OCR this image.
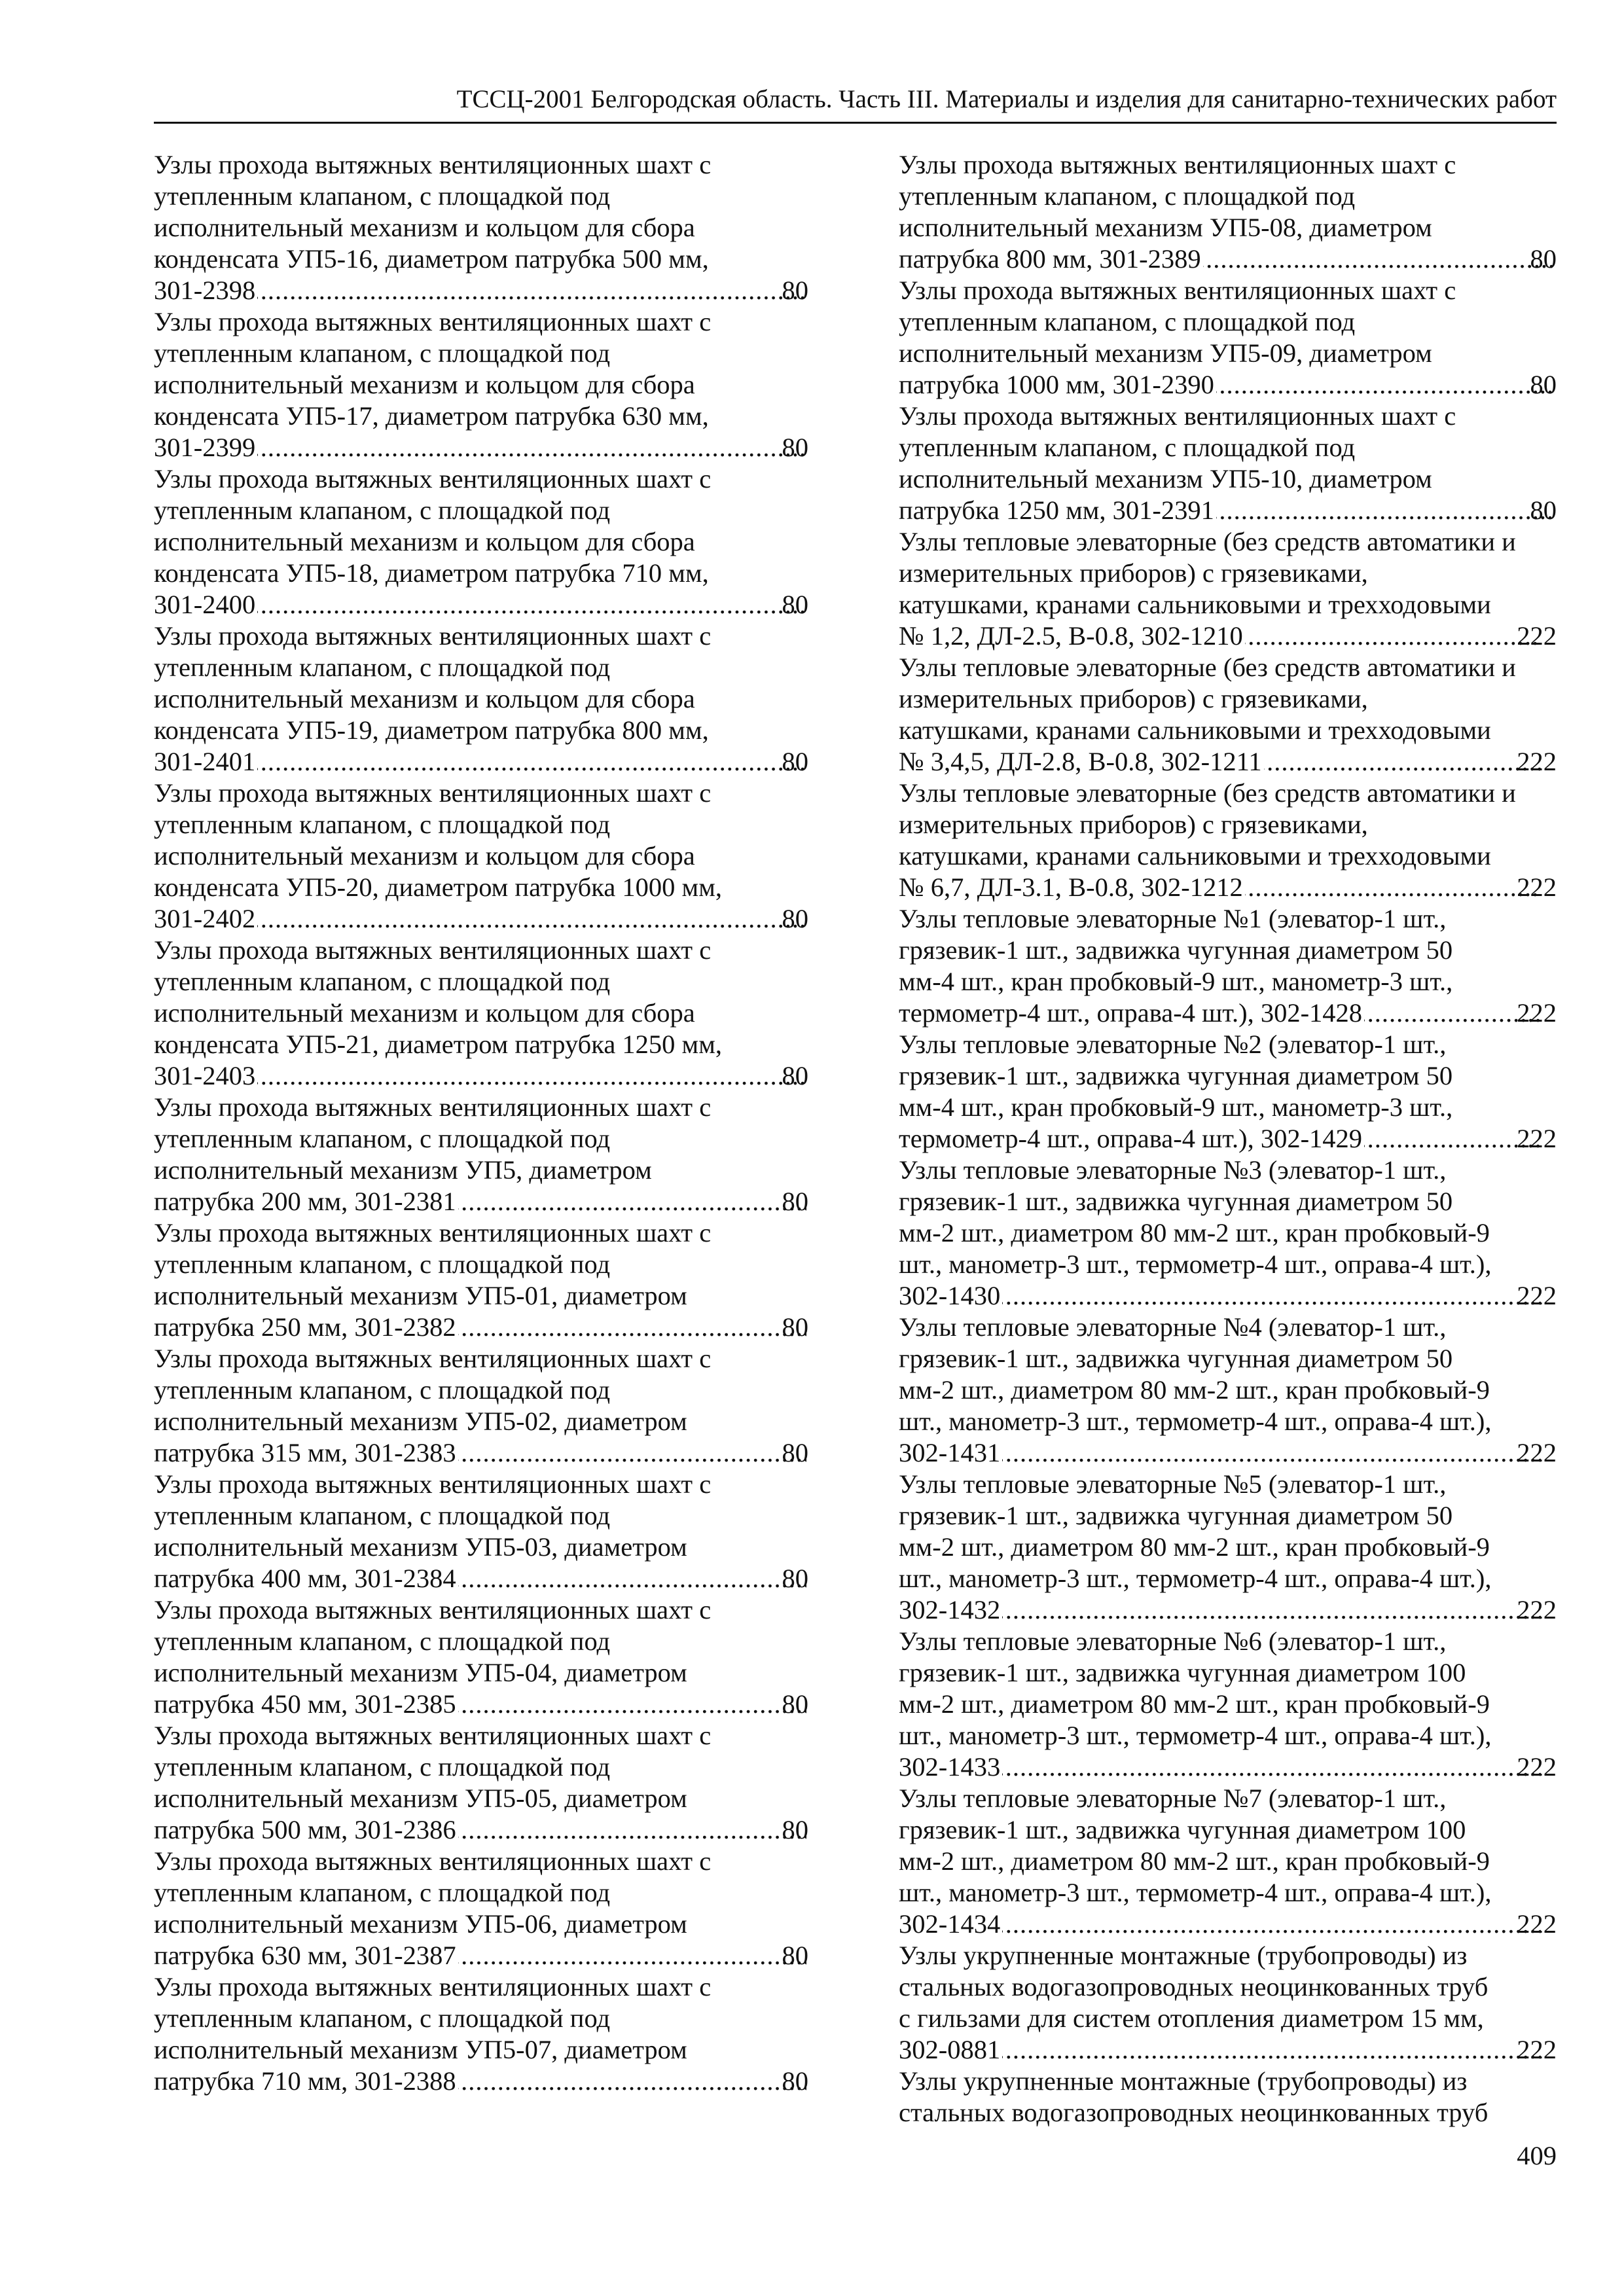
ТССЦ-2001 Белгородская область. Часть III. Материалы и изделия для санитарно-технических работ
Узлы прохода вытяжных вентиляционных шахт с
утепленным клапаном, с площадкой под
исполнительный механизм и кольцом для сбора
конденсата УП5-16, диаметром патрубка 500 мм,
301-2398 .....	80
Узлы прохода вытяжных вентиляционных шахт с
утепленным клапаном, с площадкой под
исполнительный механизм и кольцом для сбора
конденсата УП5-17, диаметром патрубка 630 мм,
301-2399 .....	80
Узлы прохода вытяжных вентиляционных шахт с
утепленным клапаном, с площадкой под
исполнительный механизм и кольцом для сбора
конденсата УП5-18, диаметром патрубка 710 мм,
301-2400 .....	80
Узлы прохода вытяжных вентиляционных шахт с
утепленным клапаном, с площадкой под
исполнительный механизм и кольцом для сбора
конденсата УП5-19, диаметром патрубка 800 мм,
301-2401 .....	80
Узлы прохода вытяжных вентиляционных шахт с
утепленным клапаном, с площадкой под
исполнительный механизм и кольцом для сбора
конденсата УП5-20, диаметром патрубка 1000 мм,
301-2402 .....	80
Узлы прохода вытяжных вентиляционных шахт с
утепленным клапаном, с площадкой под
исполнительный механизм и кольцом для сбора
конденсата УП5-21, диаметром патрубка 1250 мм,
301-2403 .....	80
Узлы прохода вытяжных вентиляционных шахт с
утепленным клапаном, с площадкой под
исполнительный механизм УП5, диаметром
патрубка 200 мм, 301-2381 .....	80
Узлы прохода вытяжных вентиляционных шахт с
утепленным клапаном, с площадкой под
исполнительный механизм УП5-01, диаметром
патрубка 250 мм, 301-2382 .....	80
Узлы прохода вытяжных вентиляционных шахт с
утепленным клапаном, с площадкой под
исполнительный механизм УП5-02, диаметром
патрубка 315 мм, 301-2383 .....	80
Узлы прохода вытяжных вентиляционных шахт с
утепленным клапаном, с площадкой под
исполнительный механизм УП5-03, диаметром
патрубка 400 мм, 301-2384 .....	80
Узлы прохода вытяжных вентиляционных шахт с
утепленным клапаном, с площадкой под
исполнительный механизм УП5-04, диаметром
патрубка 450 мм, 301-2385 .....	80
Узлы прохода вытяжных вентиляционных шахт с
утепленным клапаном, с площадкой под
исполнительный механизм УП5-05, диаметром
патрубка 500 мм, 301-2386 .....	80
Узлы прохода вытяжных вентиляционных шахт с
утепленным клапаном, с площадкой под
исполнительный механизм УП5-06, диаметром
патрубка 630 мм, 301-2387 .....	80
Узлы прохода вытяжных вентиляционных шахт с
утепленным клапаном, с площадкой под
исполнительный механизм УП5-07, диаметром
патрубка 710 мм, 301-2388 .....	80
Узлы прохода вытяжных вентиляционных шахт с
утепленным клапаном, с площадкой под
исполнительный механизм УП5-08, диаметром
патрубка 800 мм, 301-2389 .....	80
Узлы прохода вытяжных вентиляционных шахт с
утепленным клапаном, с площадкой под
исполнительный механизм УП5-09, диаметром
патрубка 1000 мм, 301-2390 .....	80
Узлы прохода вытяжных вентиляционных шахт с
утепленным клапаном, с площадкой под
исполнительный механизм УП5-10, диаметром
патрубка 1250 мм, 301-2391 .....	80
Узлы тепловые элеваторные (без средств автоматики и
измерительных приборов) с грязевиками,
катушками, кранами сальниковыми и трехходовыми
№ 1,2, ДЛ-2.5, В-0.8, 302-1210 .....	222
Узлы тепловые элеваторные (без средств автоматики и
измерительных приборов) с грязевиками,
катушками, кранами сальниковыми и трехходовыми
№ 3,4,5, ДЛ-2.8, В-0.8, 302-1211 .....	222
Узлы тепловые элеваторные (без средств автоматики и
измерительных приборов) с грязевиками,
катушками, кранами сальниковыми и трехходовыми
№ 6,7, ДЛ-3.1, В-0.8, 302-1212 .....	222
Узлы тепловые элеваторные №1 (элеватор-1 шт.,
грязевик-1 шт., задвижка чугунная диаметром 50
мм-4 шт., кран пробковый-9 шт., манометр-3 шт.,
термометр-4 шт., оправа-4 шт.), 302-1428 .....	222
Узлы тепловые элеваторные №2 (элеватор-1 шт.,
грязевик-1 шт., задвижка чугунная диаметром 50
мм-4 шт., кран пробковый-9 шт., манометр-3 шт.,
термометр-4 шт., оправа-4 шт.), 302-1429 .....	222
Узлы тепловые элеваторные №3 (элеватор-1 шт.,
грязевик-1 шт., задвижка чугунная диаметром 50
мм-2 шт., диаметром 80 мм-2 шт., кран пробковый-9
шт., манометр-3 шт., термометр-4 шт., оправа-4 шт.),
302-1430 .....	222
Узлы тепловые элеваторные №4 (элеватор-1 шт.,
грязевик-1 шт., задвижка чугунная диаметром 50
мм-2 шт., диаметром 80 мм-2 шт., кран пробковый-9
шт., манометр-3 шт., термометр-4 шт., оправа-4 шт.),
302-1431 .....	222
Узлы тепловые элеваторные №5 (элеватор-1 шт.,
грязевик-1 шт., задвижка чугунная диаметром 50
мм-2 шт., диаметром 80 мм-2 шт., кран пробковый-9
шт., манометр-3 шт., термометр-4 шт., оправа-4 шт.),
302-1432 .....	222
Узлы тепловые элеваторные №6 (элеватор-1 шт.,
грязевик-1 шт., задвижка чугунная диаметром 100
мм-2 шт., диаметром 80 мм-2 шт., кран пробковый-9
шт., манометр-3 шт., термометр-4 шт., оправа-4 шт.),
302-1433 .....	222
Узлы тепловые элеваторные №7 (элеватор-1 шт.,
грязевик-1 шт., задвижка чугунная диаметром 100
мм-2 шт., диаметром 80 мм-2 шт., кран пробковый-9
шт., манометр-3 шт., термометр-4 шт., оправа-4 шт.),
302-1434 .....	222
Узлы укрупненные монтажные (трубопроводы) из
стальных водогазопроводных неоцинкованных труб
с гильзами для систем отопления диаметром 15 мм,
302-0881 .....	222
Узлы укрупненные монтажные (трубопроводы) из
стальных водогазопроводных неоцинкованных труб
409
